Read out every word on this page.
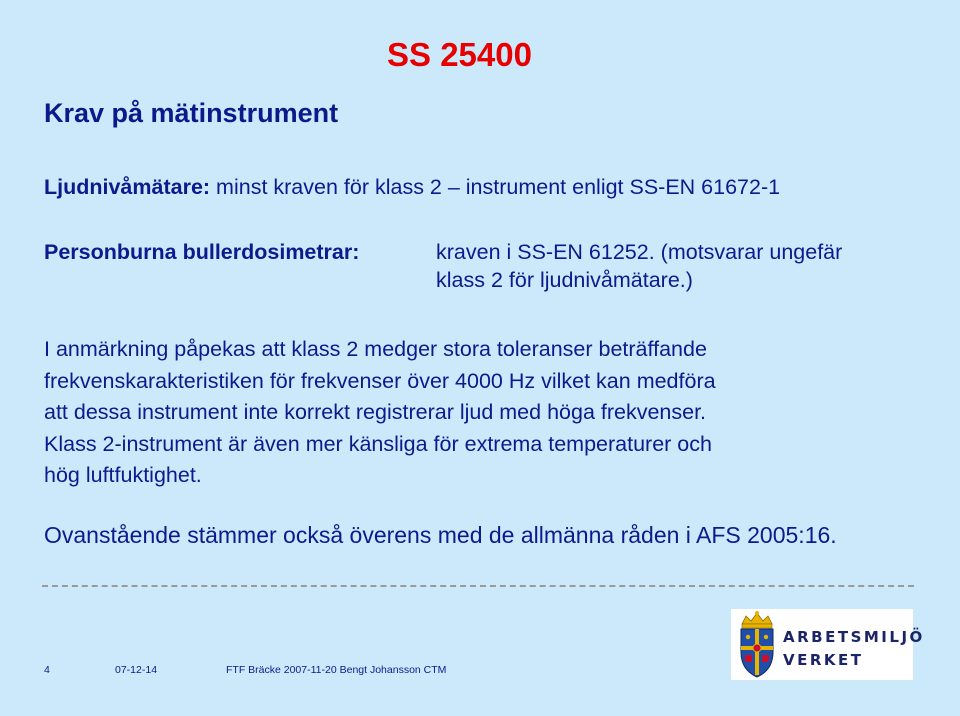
SS 25400
Krav på mätinstrument
Ljudnivåmätare: minst kraven för klass 2 – instrument enligt SS-EN 61672-1
Personburna bullerdosimetrar:	kraven i SS-EN 61252. (motsvarar ungefär
klass 2 för ljudnivåmätare.)
I anmärkning påpekas att klass 2 medger stora toleranser beträffande
frekvenskarakteristiken för frekvenser över 4000 Hz vilket kan medföra
att dessa instrument inte korrekt registrerar ljud med höga frekvenser.
Klass 2-instrument är även mer känsliga för extrema temperaturer och
hög luftfuktighet.
Ovanstående stämmer också överens med de allmänna råden i AFS 2005:16.
4	07-12-14	FTF Bräcke 2007-11-20 Bengt Johansson CTM
ARBETSMILJÖ
VERKET
